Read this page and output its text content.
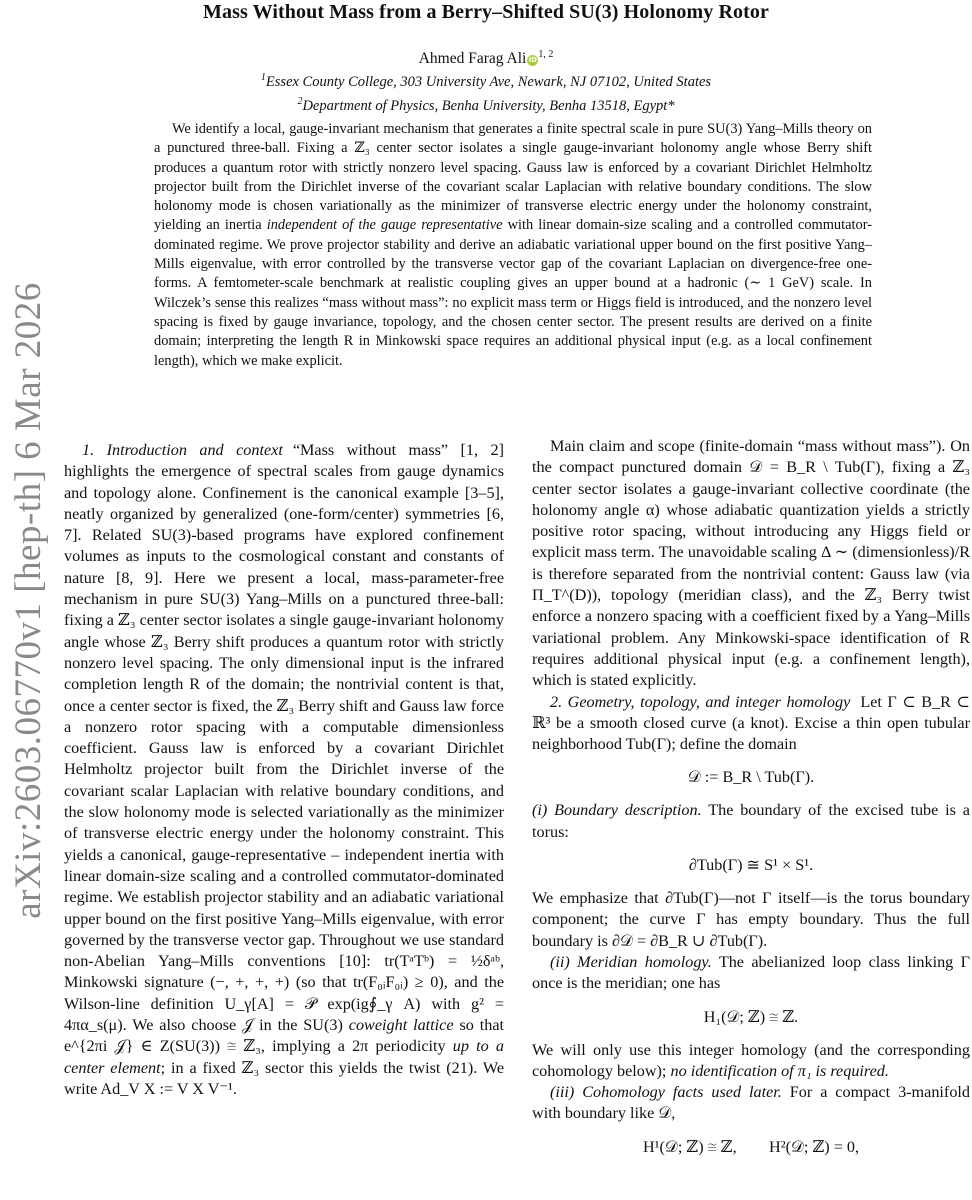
arXiv:2603.06770v1 [hep-th] 6 Mar 2026
Mass Without Mass from a Berry–Shifted SU(3) Holonomy Rotor
Ahmed Farag Ali iD$^{1, 2}$
$^1$Essex County College, 303 University Ave, Newark, NJ 07102, United States
$^2$Department of Physics, Benha University, Benha 13518, Egypt*
We identify a local, gauge-invariant mechanism that generates a finite spectral scale in pure SU(3) Yang–Mills theory on a punctured three-ball. Fixing a ℤ₃ center sector isolates a single gauge-invariant holonomy angle whose Berry shift produces a quantum rotor with strictly nonzero level spacing. Gauss law is enforced by a covariant Dirichlet Helmholtz projector built from the Dirichlet inverse of the covariant scalar Laplacian with relative boundary conditions. The slow holonomy mode is chosen variationally as the minimizer of transverse electric energy under the holonomy constraint, yielding an inertia independent of the gauge representative with linear domain-size scaling and a controlled commutator-dominated regime. We prove projector stability and derive an adiabatic variational upper bound on the first positive Yang–Mills eigenvalue, with error controlled by the transverse vector gap of the covariant Laplacian on divergence-free one-forms. A femtometer-scale benchmark at realistic coupling gives an upper bound at a hadronic (∼ 1 GeV) scale. In Wilczek’s sense this realizes “mass without mass”: no explicit mass term or Higgs field is introduced, and the nonzero level spacing is fixed by gauge invariance, topology, and the chosen center sector. The present results are derived on a finite domain; interpreting the length R in Minkowski space requires an additional physical input (e.g. as a local confinement length), which we make explicit.

1. Introduction and context “Mass without mass” [1, 2] highlights the emergence of spectral scales from gauge dynamics and topology alone. Confinement is the canonical example [3–5], neatly organized by generalized (one-form/center) symmetries [6, 7]. Related SU(3)-based programs have explored confinement volumes as inputs to the cosmological constant and constants of nature [8, 9]. Here we present a local, mass-parameter-free mechanism in pure SU(3) Yang–Mills on a punctured three-ball: fixing a ℤ₃ center sector isolates a single gauge-invariant holonomy angle whose ℤ₃ Berry shift produces a quantum rotor with strictly nonzero level spacing. The only dimensional input is the infrared completion length R of the domain; the nontrivial content is that, once a center sector is fixed, the ℤ₃ Berry shift and Gauss law force a nonzero rotor spacing with a computable dimensionless coefficient. Gauss law is enforced by a covariant Dirichlet Helmholtz projector built from the Dirichlet inverse of the covariant scalar Laplacian with relative boundary conditions, and the slow holonomy mode is selected variationally as the minimizer of transverse electric energy under the holonomy constraint. This yields a canonical, gauge-representative – independent inertia with linear domain-size scaling and a controlled commutator-dominated regime. We establish projector stability and an adiabatic variational upper bound on the first positive Yang–Mills eigenvalue, with error governed by the transverse vector gap. Throughout we use standard non-Abelian Yang–Mills conventions [10]: tr(TᵃTᵇ) = ½δᵃᵇ, Minkowski signature (−, +, +, +) (so that tr(F₀ᵢF₀ᵢ) ≥ 0), and the Wilson-line definition U_γ[A] = 𝒫 exp(ig∮_γ A) with g² = 4πα_s(μ). We also choose 𝒥 in the SU(3) coweight lattice so that e^{2πi 𝒥} ∈ Z(SU(3)) ≅ ℤ₃, implying a 2π periodicity up to a center element; in a fixed ℤ₃ sector this yields the twist (21). We write Ad_V X := V X V⁻¹.

Main claim and scope (finite-domain “mass without mass”). On the compact punctured domain 𝒟 = B_R \ Tub(Γ), fixing a ℤ₃ center sector isolates a gauge-invariant collective coordinate (the holonomy angle α) whose adiabatic quantization yields a strictly positive rotor spacing, without introducing any Higgs field or explicit mass term. The unavoidable scaling Δ ∼ (dimensionless)/R is therefore separated from the nontrivial content: Gauss law (via Π_T^(D)), topology (meridian class), and the ℤ₃ Berry twist enforce a nonzero spacing with a coefficient fixed by a Yang–Mills variational problem. Any Minkowski-space identification of R requires additional physical input (e.g. a confinement length), which is stated explicitly.

2. Geometry, topology, and integer homology Let Γ ⊂ B_R ⊂ ℝ³ be a smooth closed curve (a knot). Excise a thin open tubular neighborhood Tub(Γ); define the domain

𝒟 := B_R \ Tub(Γ).

(i) Boundary description. The boundary of the excised tube is a torus:

∂Tub(Γ) ≅ S¹ × S¹.

We emphasize that ∂Tub(Γ)—not Γ itself—is the torus boundary component; the curve Γ has empty boundary. Thus the full boundary is ∂𝒟 = ∂B_R ∪ ∂Tub(Γ).

(ii) Meridian homology. The abelianized loop class linking Γ once is the meridian; one has

H₁(𝒟; ℤ) ≅ ℤ.

We will only use this integer homology (and the corresponding cohomology below); no identification of π₁ is required.

(iii) Cohomology facts used later. For a compact 3-manifold with boundary like 𝒟,

H¹(𝒟; ℤ) ≅ ℤ,        H²(𝒟; ℤ) = 0,
